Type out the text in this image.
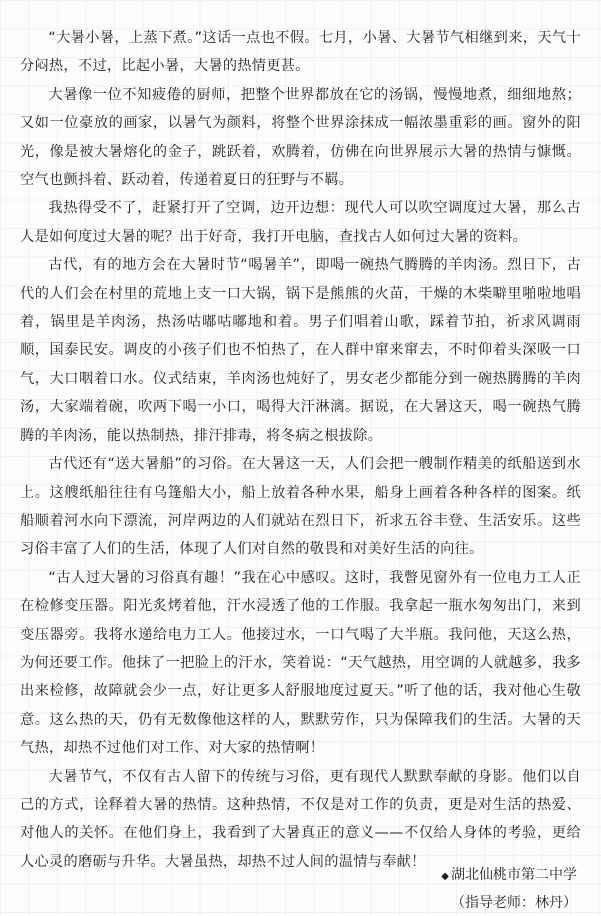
“大暑小暑，上蒸下煮。”这话一点也不假。七月，小暑、大暑节气相继到来，天气十分闷热，不过，比起小暑，大暑的热情更甚。

大暑像一位不知疲倦的厨师，把整个世界都放在它的汤锅，慢慢地煮，细细地熬；又如一位豪放的画家，以暑气为颜料，将整个世界涂抹成一幅浓墨重彩的画。窗外的阳光，像是被大暑熔化的金子，跳跃着，欢腾着，仿佛在向世界展示大暑的热情与慷慨。空气也颤抖着、跃动着，传递着夏日的狂野与不羁。

我热得受不了，赶紧打开了空调，边开边想：现代人可以吹空调度过大暑，那么古人是如何度过大暑的呢？出于好奇，我打开电脑，查找古人如何过大暑的资料。

古代，有的地方会在大暑时节“喝暑羊”，即喝一碗热气腾腾的羊肉汤。烈日下，古代的人们会在村里的荒地上支一口大锅，锅下是熊熊的火苗，干燥的木柴噼里啪啦地唱着，锅里是羊肉汤，热汤咕嘟咕嘟地和着。男子们唱着山歌，踩着节拍，祈求风调雨顺，国泰民安。调皮的小孩子们也不怕热了，在人群中窜来窜去，不时仰着头深吸一口气，大口咽着口水。仪式结束，羊肉汤也炖好了，男女老少都能分到一碗热腾腾的羊肉汤，大家端着碗，吹两下喝一小口，喝得大汗淋漓。据说，在大暑这天，喝一碗热气腾腾的羊肉汤，能以热制热，排汗排毒，将冬病之根拔除。

古代还有“送大暑船”的习俗。在大暑这一天，人们会把一艘制作精美的纸船送到水上。这艘纸船往往有乌篷船大小，船上放着各种水果，船身上画着各种各样的图案。纸船顺着河水向下漂流，河岸两边的人们就站在烈日下，祈求五谷丰登、生活安乐。这些习俗丰富了人们的生活，体现了人们对自然的敬畏和对美好生活的向往。

“古人过大暑的习俗真有趣！”我在心中感叹。这时，我瞥见窗外有一位电力工人正在检修变压器。阳光炙烤着他，汗水浸透了他的工作服。我拿起一瓶水匆匆出门，来到变压器旁。我将水递给电力工人。他接过水，一口气喝了大半瓶。我问他，天这么热，为何还要工作。他抹了一把脸上的汗水，笑着说：“天气越热，用空调的人就越多，我多出来检修，故障就会少一点，好让更多人舒服地度过夏天。”听了他的话，我对他心生敬意。这么热的天，仍有无数像他这样的人，默默劳作，只为保障我们的生活。大暑的天气热，却热不过他们对工作、对大家的热情啊！

大暑节气，不仅有古人留下的传统与习俗，更有现代人默默奉献的身影。他们以自己的方式，诠释着大暑的热情。这种热情，不仅是对工作的负责，更是对生活的热爱、对他人的关怀。在他们身上，我看到了大暑真正的意义——不仅给人身体的考验，更给人心灵的磨砺与升华。大暑虽热，却热不过人间的温情与奉献！

◆ 湖北仙桃市第二中学
（指导老师：林丹）
